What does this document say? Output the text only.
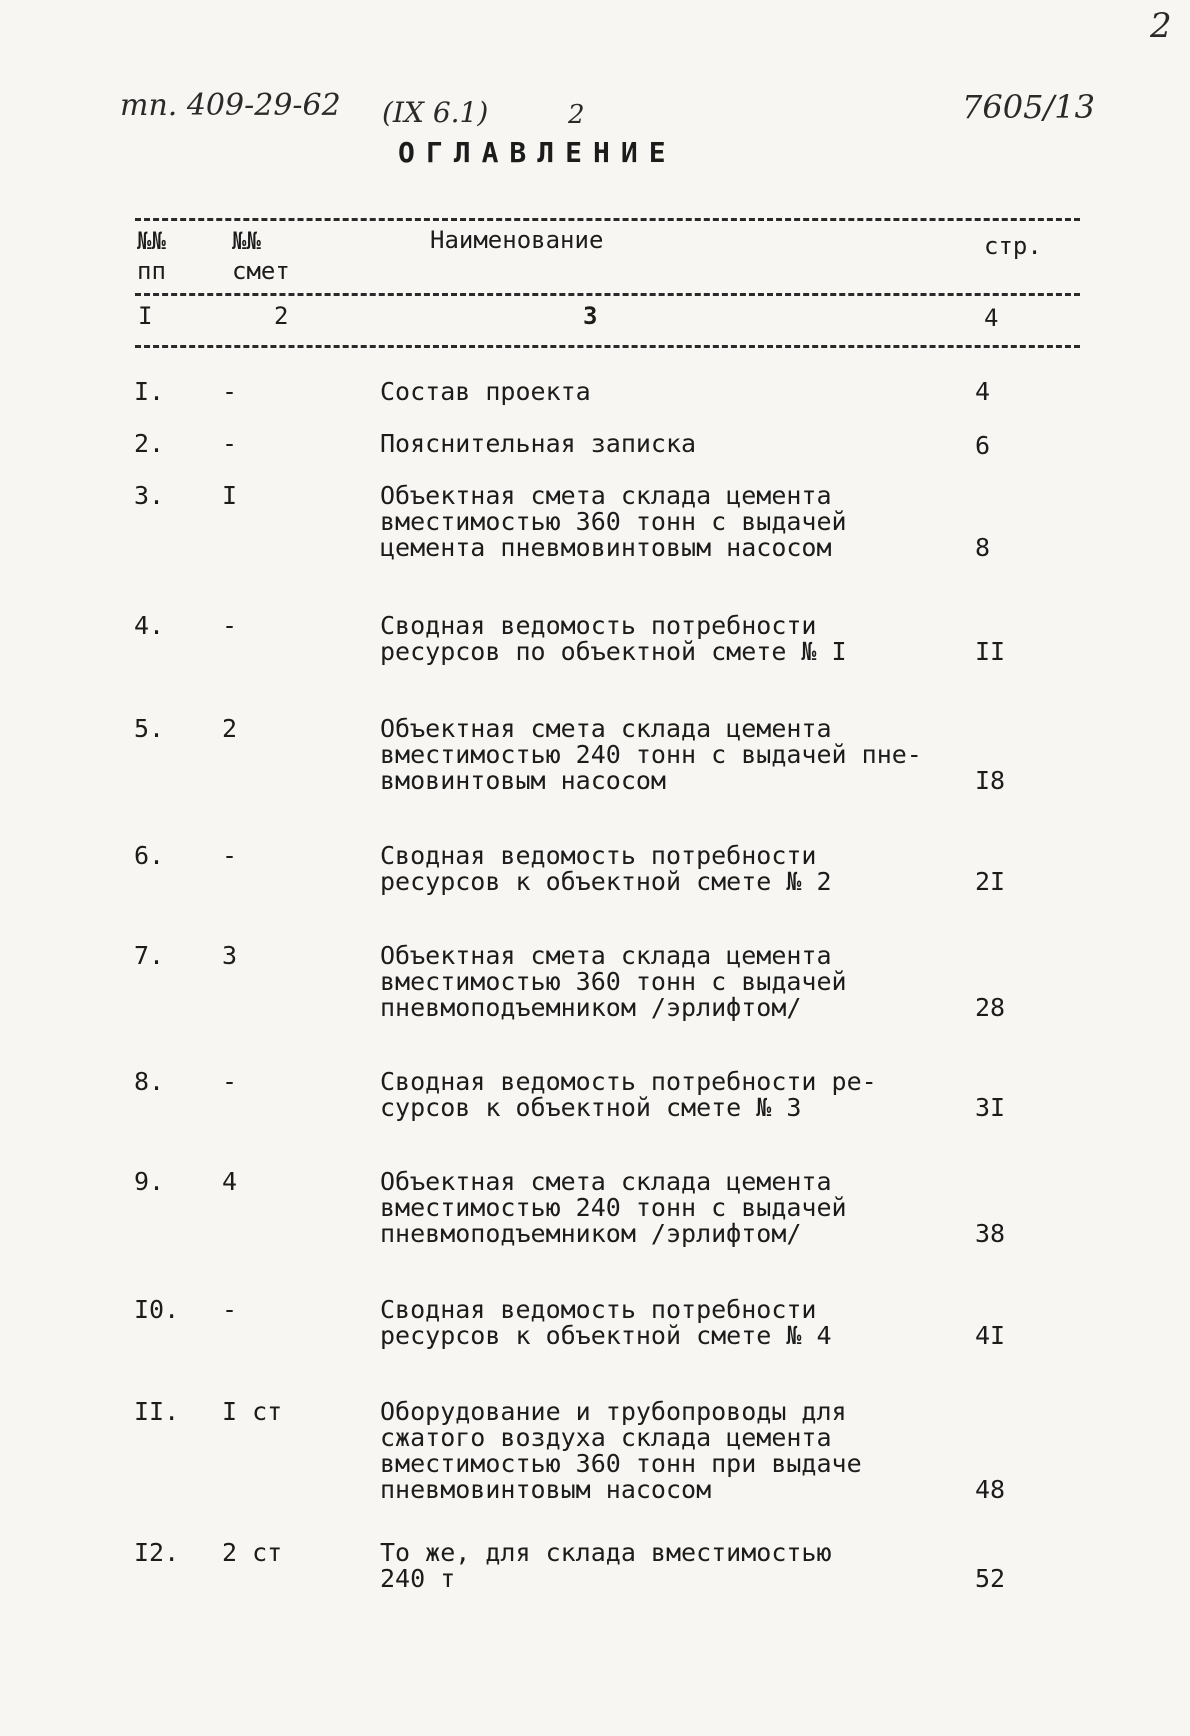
2
тп. 409-29-62 (IX 6.1)	2	7605/13
ОГЛАВЛЕНИЕ
№№
пп
№№
смет
Наименование	стр.
I	2	3	4
I. -	Состав проекта	4
2. -	Пояснительная записка	6
3. I	Объектная смета склада цемента
вместимостью 360 тонн с выдачей
цемента пневмовинтовым насосом	8
4. -	Сводная ведомость потребности
ресурсов по объектной смете № I	II
5. 2	Объектная смета склада цемента
вместимостью 240 тонн с выдачей пне-
вмовинтовым насосом	I8
6. -	Сводная ведомость потребности
ресурсов к объектной смете № 2	2I
7. 3	Объектная смета склада цемента
вместимостью 360 тонн с выдачей
пневмоподъемником /эрлифтом/	28
8. -	Сводная ведомость потребности ре-
сурсов к объектной смете № 3	3I
9. 4	Объектная смета склада цемента
вместимостью 240 тонн с выдачей
пневмоподъемником /эрлифтом/	38
I0. -	Сводная ведомость потребности
ресурсов к объектной смете № 4	4I
II. I ст	Оборудование и трубопроводы для
сжатого воздуха склада цемента
вместимостью 360 тонн при выдаче
пневмовинтовым насосом	48
I2. 2 ст	То же, для склада вместимостью
240 т	52
